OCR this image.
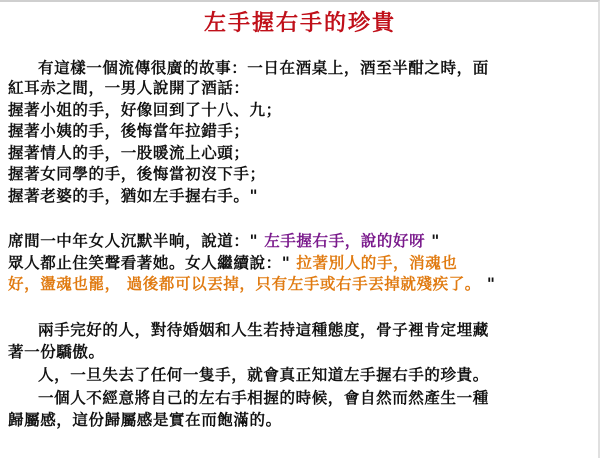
左手握右手的珍貴
有這樣一個流傳很廣的故事：一日在酒桌上，酒至半酣之時，面
紅耳赤之間，一男人說開了酒話：
握著小姐的手，好像回到了十八、九；
握著小姨的手，後悔當年拉錯手；
握著情人的手，一股暖流上心頭；
握著女同學的手，後悔當初沒下手；
握著老婆的手，猶如左手握右手。"
席間一中年女人沉默半晌，說道：" 左手握右手，說的好呀 "
眾人都止住笑聲看著她。女人繼續說：" 拉著別人的手，消魂也
好，盪魂也罷， 過後都可以丟掉，只有左手或右手丟掉就殘疾了。 "
兩手完好的人，對待婚姻和人生若持這種態度，骨子裡肯定埋藏
著一份驕傲。
人，一旦失去了任何一隻手，就會真正知道左手握右手的珍貴。
一個人不經意將自己的左右手相握的時候，會自然而然產生一種
歸屬感，這份歸屬感是實在而飽滿的。
